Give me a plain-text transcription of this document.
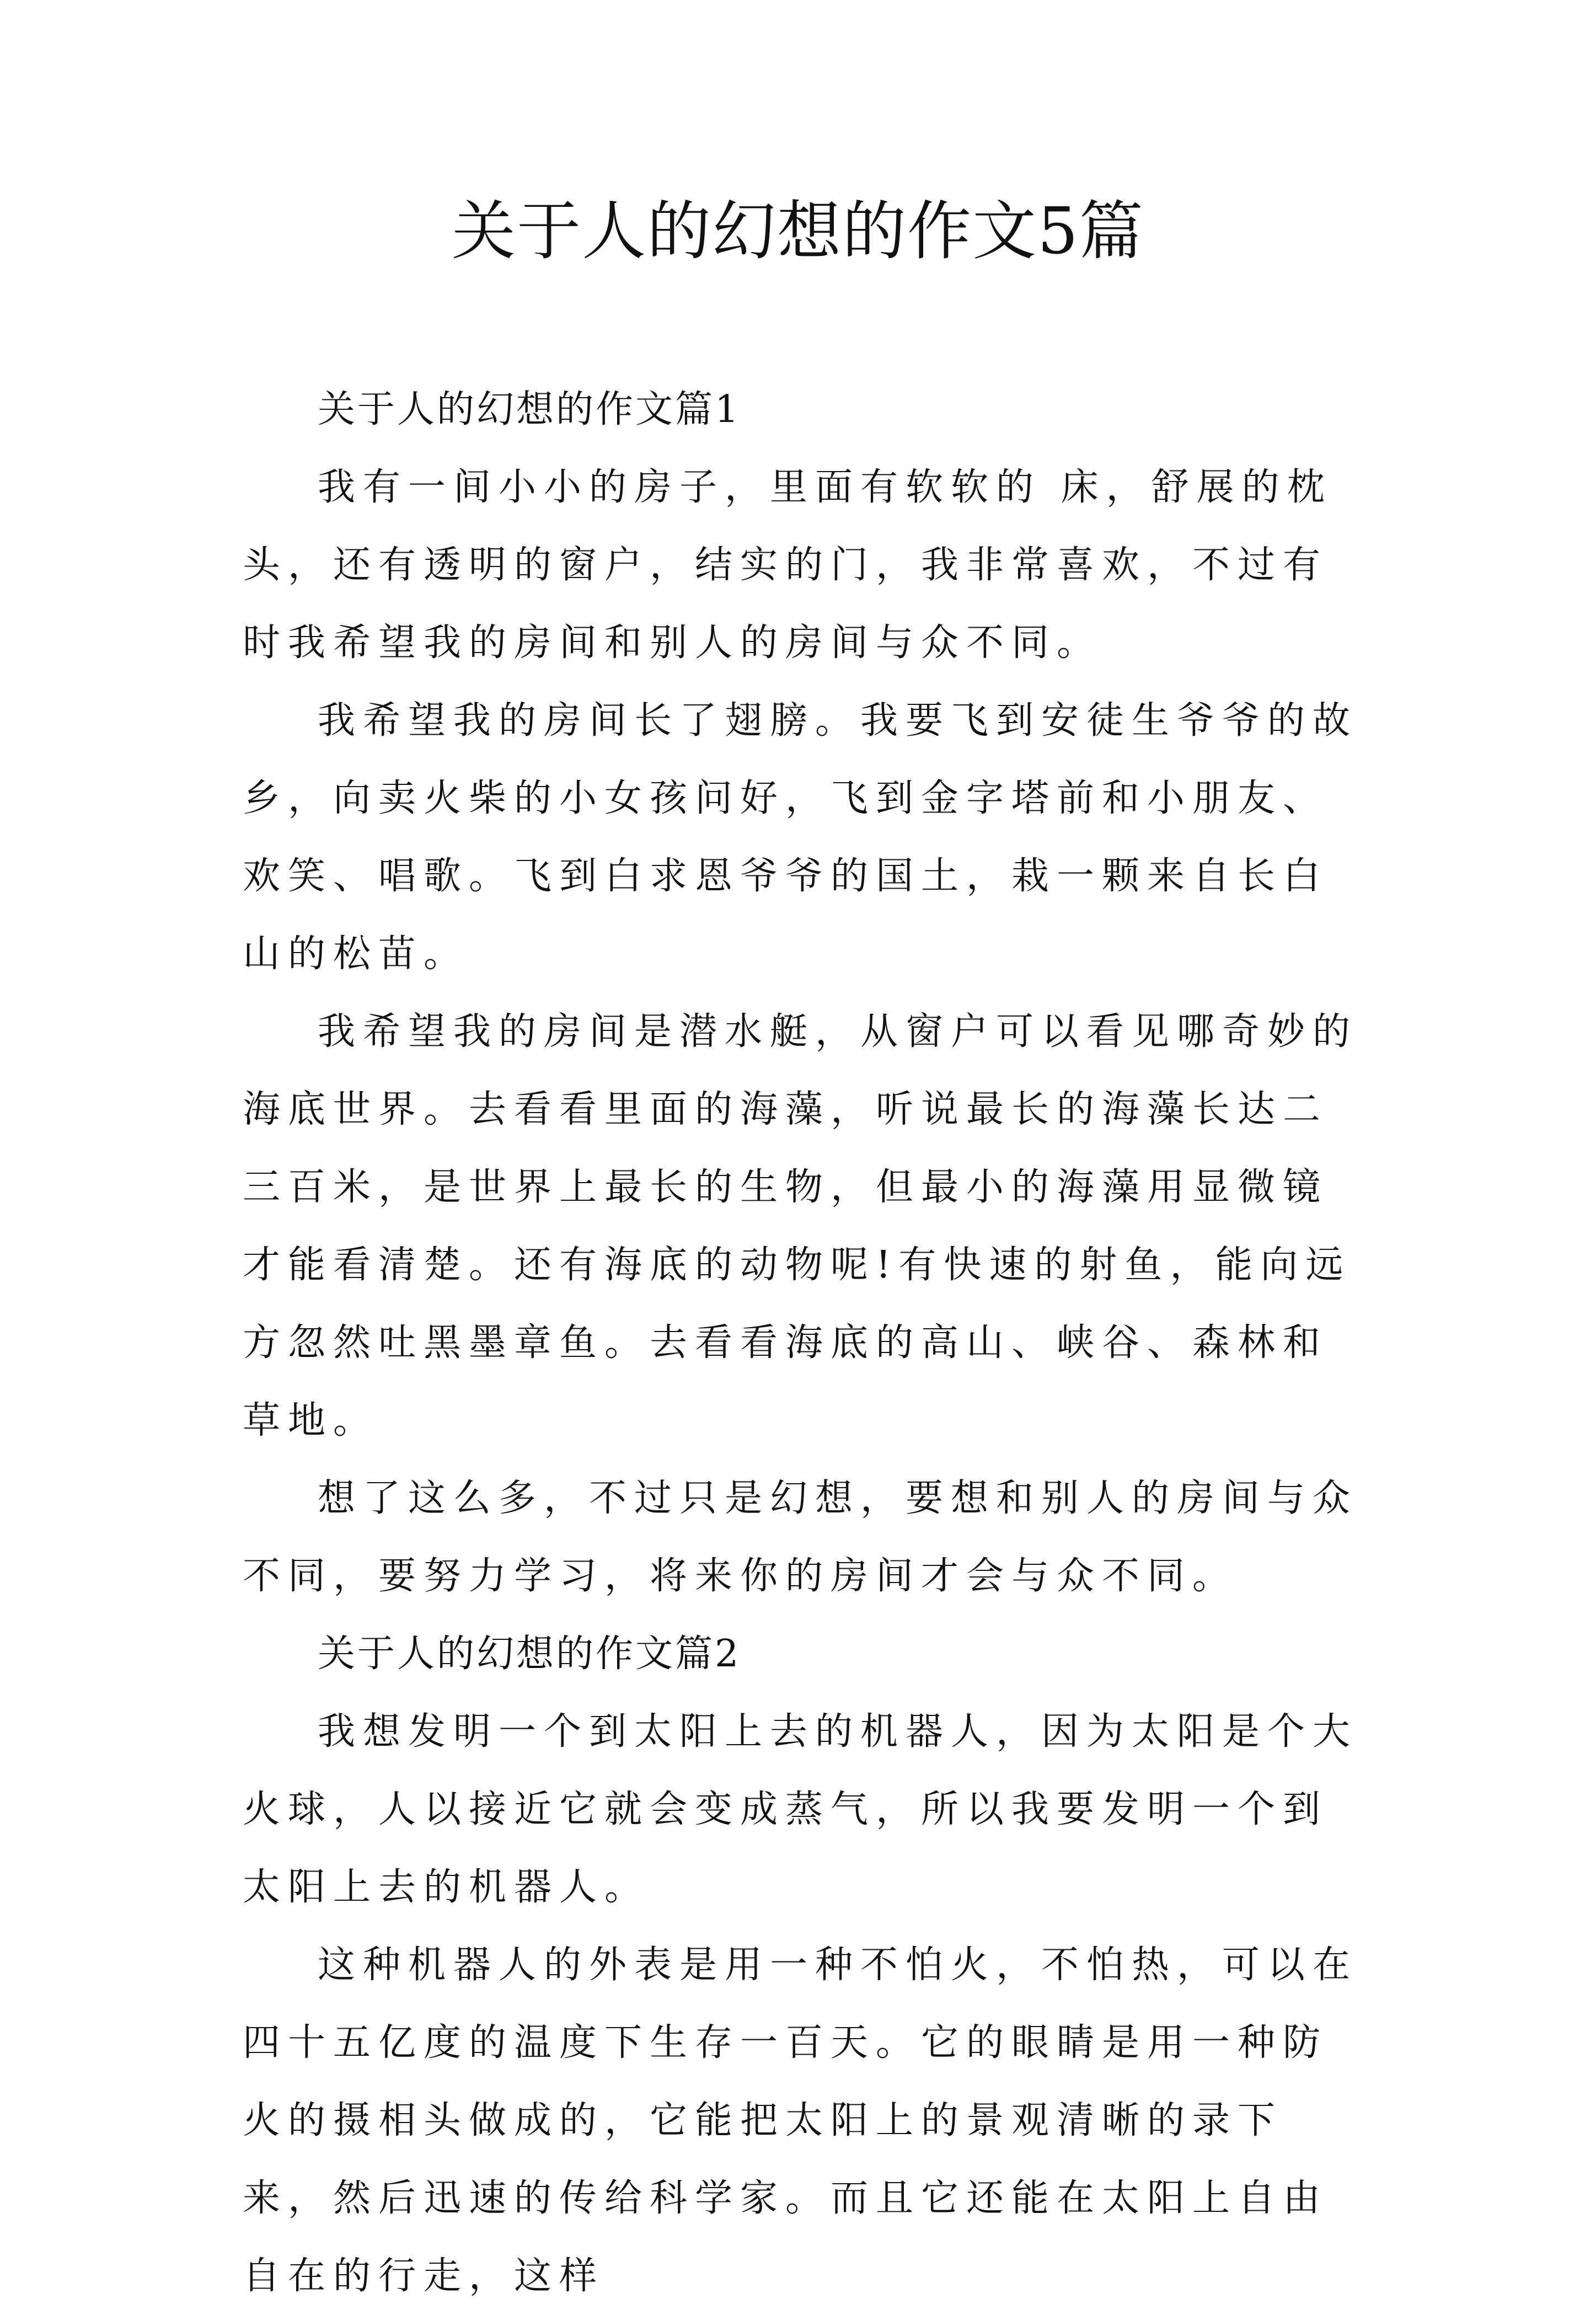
关于人的幻想的作文5篇

关于人的幻想的作文篇1

我有一间小小的房子，里面有软软的 床，舒展的枕头，还有透明的窗户，结实的门，我非常喜欢，不过有时我希望我的房间和别人的房间与众不同。

我希望我的房间长了翅膀。我要飞到安徒生爷爷的故乡，向卖火柴的小女孩问好，飞到金字塔前和小朋友、欢笑、唱歌。飞到白求恩爷爷的国土，栽一颗来自长白山的松苗。

我希望我的房间是潜水艇，从窗户可以看见哪奇妙的海底世界。去看看里面的海藻，听说最长的海藻长达二三百米，是世界上最长的生物，但最小的海藻用显微镜才能看清楚。还有海底的动物呢!有快速的射鱼，能向远方忽然吐黑墨章鱼。去看看海底的高山、峡谷、森林和草地。

想了这么多，不过只是幻想，要想和别人的房间与众不同，要努力学习，将来你的房间才会与众不同。

关于人的幻想的作文篇2

我想发明一个到太阳上去的机器人，因为太阳是个大火球，人以接近它就会变成蒸气，所以我要发明一个到太阳上去的机器人。

这种机器人的外表是用一种不怕火，不怕热，可以在四十五亿度的温度下生存一百天。它的眼睛是用一种防火的摄相头做成的，它能把太阳上的景观清晰的录下来，然后迅速的传给科学家。而且它还能在太阳上自由自在的行走，这样
